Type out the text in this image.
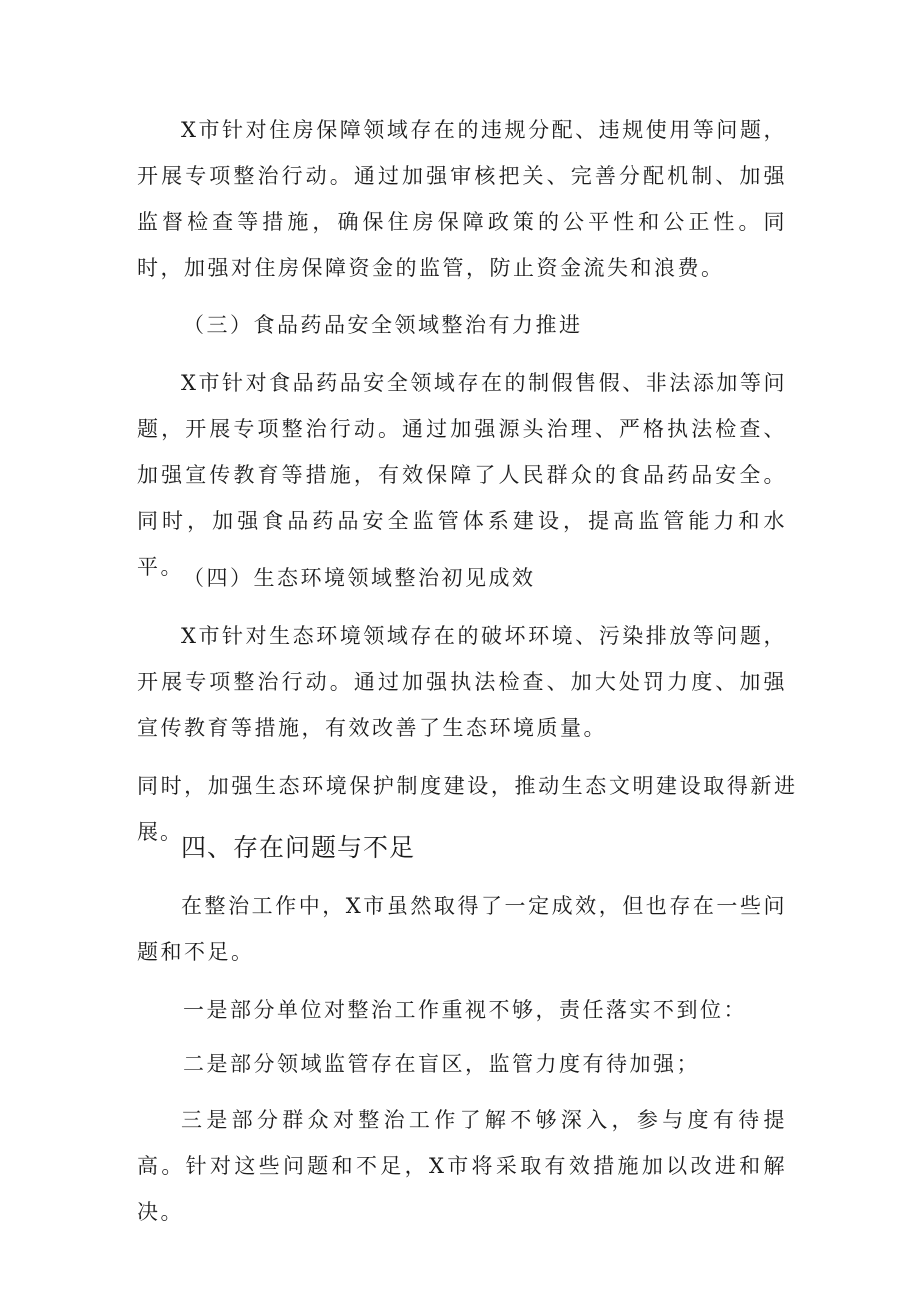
X市针对住房保障领域存在的违规分配、违规使用等问题，开展专项整治行动。通过加强审核把关、完善分配机制、加强监督检查等措施，确保住房保障政策的公平性和公正性。同时，加强对住房保障资金的监管，防止资金流失和浪费。

（三）食品药品安全领域整治有力推进

X市针对食品药品安全领域存在的制假售假、非法添加等问题，开展专项整治行动。通过加强源头治理、严格执法检查、加强宣传教育等措施，有效保障了人民群众的食品药品安全。同时，加强食品药品安全监管体系建设，提高监管能力和水平。 （四）生态环境领域整治初见成效

X市针对生态环境领域存在的破坏环境、污染排放等问题，开展专项整治行动。通过加强执法检查、加大处罚力度、加强宣传教育等措施，有效改善了生态环境质量。

同时，加强生态环境保护制度建设，推动生态文明建设取得新进展。

四、存在问题与不足

在整治工作中，X市虽然取得了一定成效，但也存在一些问题和不足。

一是部分单位对整治工作重视不够，责任落实不到位：

二是部分领域监管存在盲区，监管力度有待加强；

三是部分群众对整治工作了解不够深入，参与度有待提高。针对这些问题和不足，X市将采取有效措施加以改进和解决。
